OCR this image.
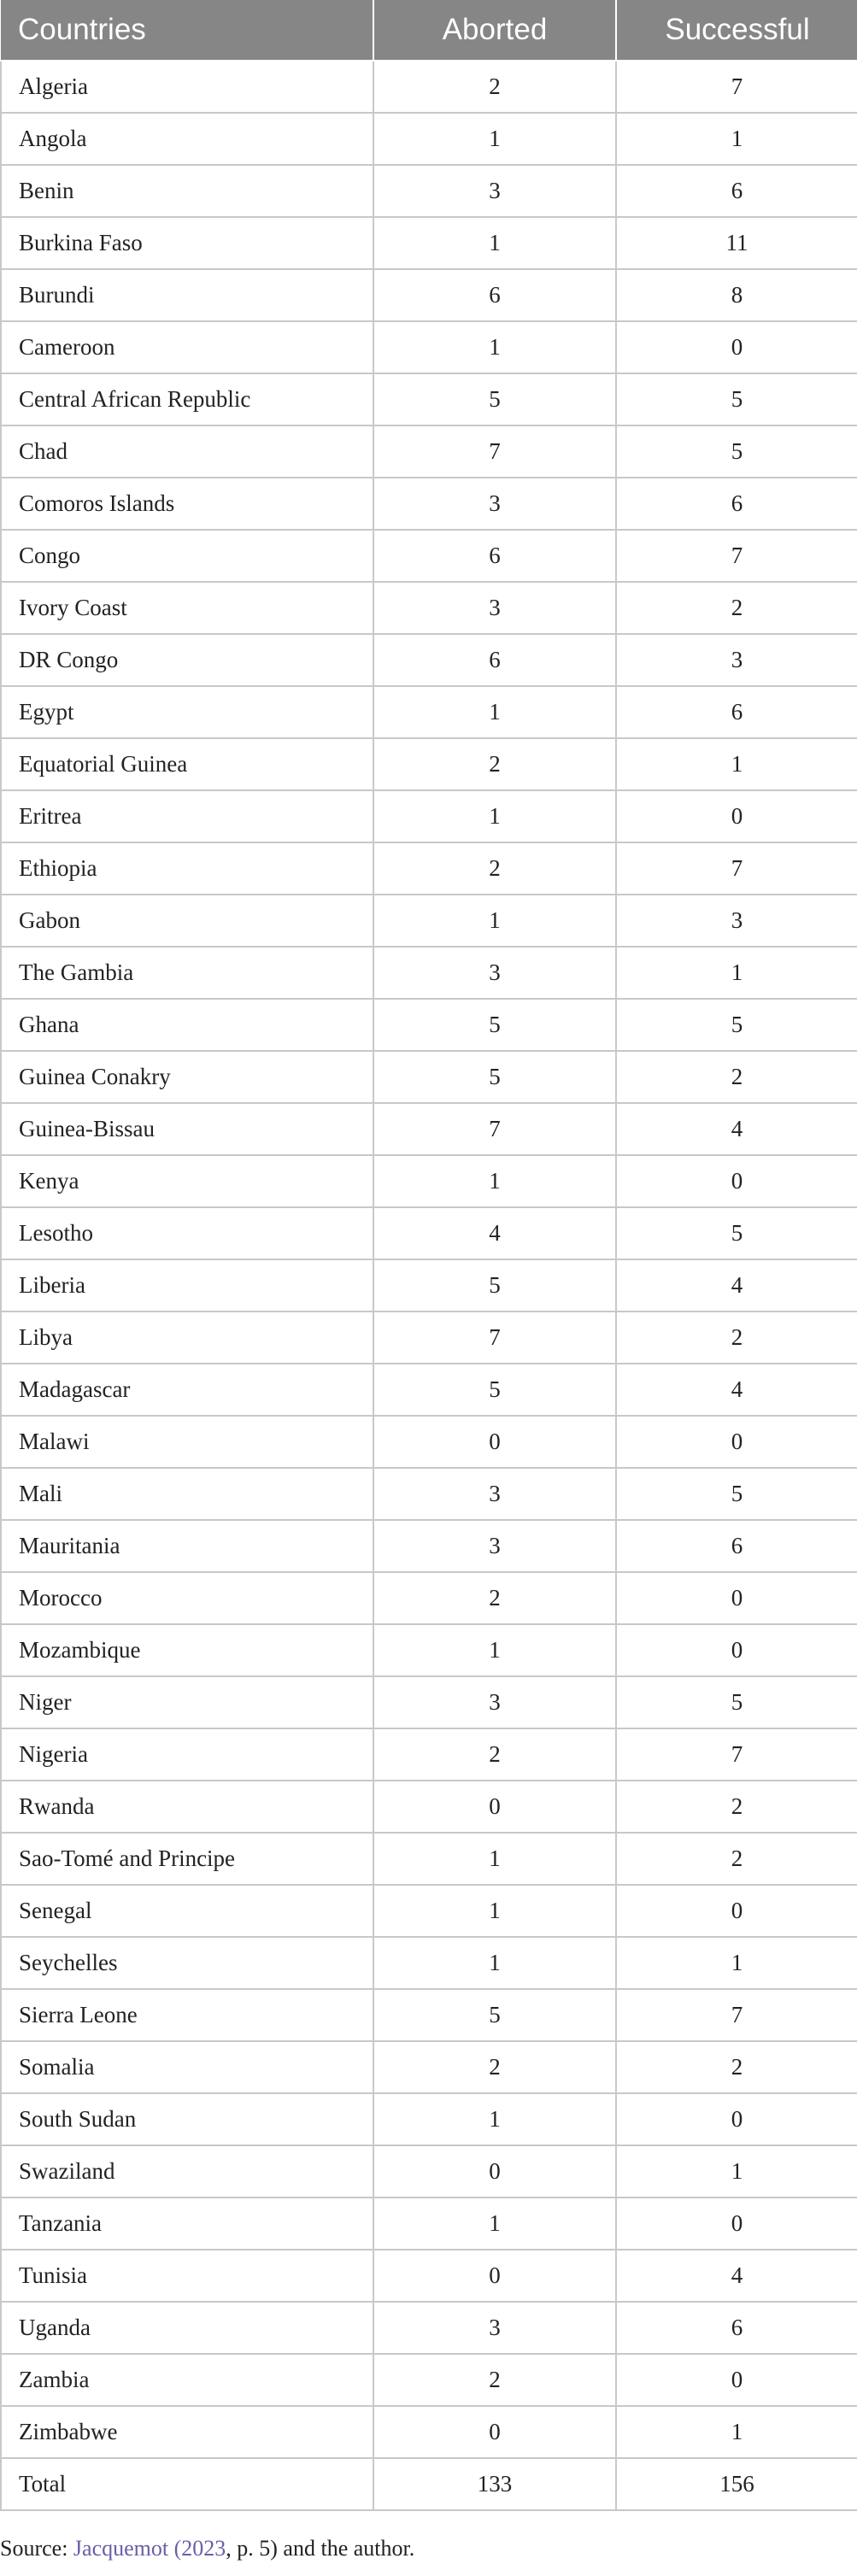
Countries	Aborted	Successful
Algeria	2	7
Angola	1	1
Benin	3	6
Burkina Faso	1	11
Burundi	6	8
Cameroon	1	0
Central African Republic	5	5
Chad	7	5
Comoros Islands	3	6
Congo	6	7
Ivory Coast	3	2
DR Congo	6	3
Egypt	1	6
Equatorial Guinea	2	1
Eritrea	1	0
Ethiopia	2	7
Gabon	1	3
The Gambia	3	1
Ghana	5	5
Guinea Conakry	5	2
Guinea-Bissau	7	4
Kenya	1	0
Lesotho	4	5
Liberia	5	4
Libya	7	2
Madagascar	5	4
Malawi	0	0
Mali	3	5
Mauritania	3	6
Morocco	2	0
Mozambique	1	0
Niger	3	5
Nigeria	2	7
Rwanda	0	2
Sao-Tomé and Principe	1	2
Senegal	1	0
Seychelles	1	1
Sierra Leone	5	7
Somalia	2	2
South Sudan	1	0
Swaziland	0	1
Tanzania	1	0
Tunisia	0	4
Uganda	3	6
Zambia	2	0
Zimbabwe	0	1
Total	133	156
Source: Jacquemot (2023, p. 5) and the author.
